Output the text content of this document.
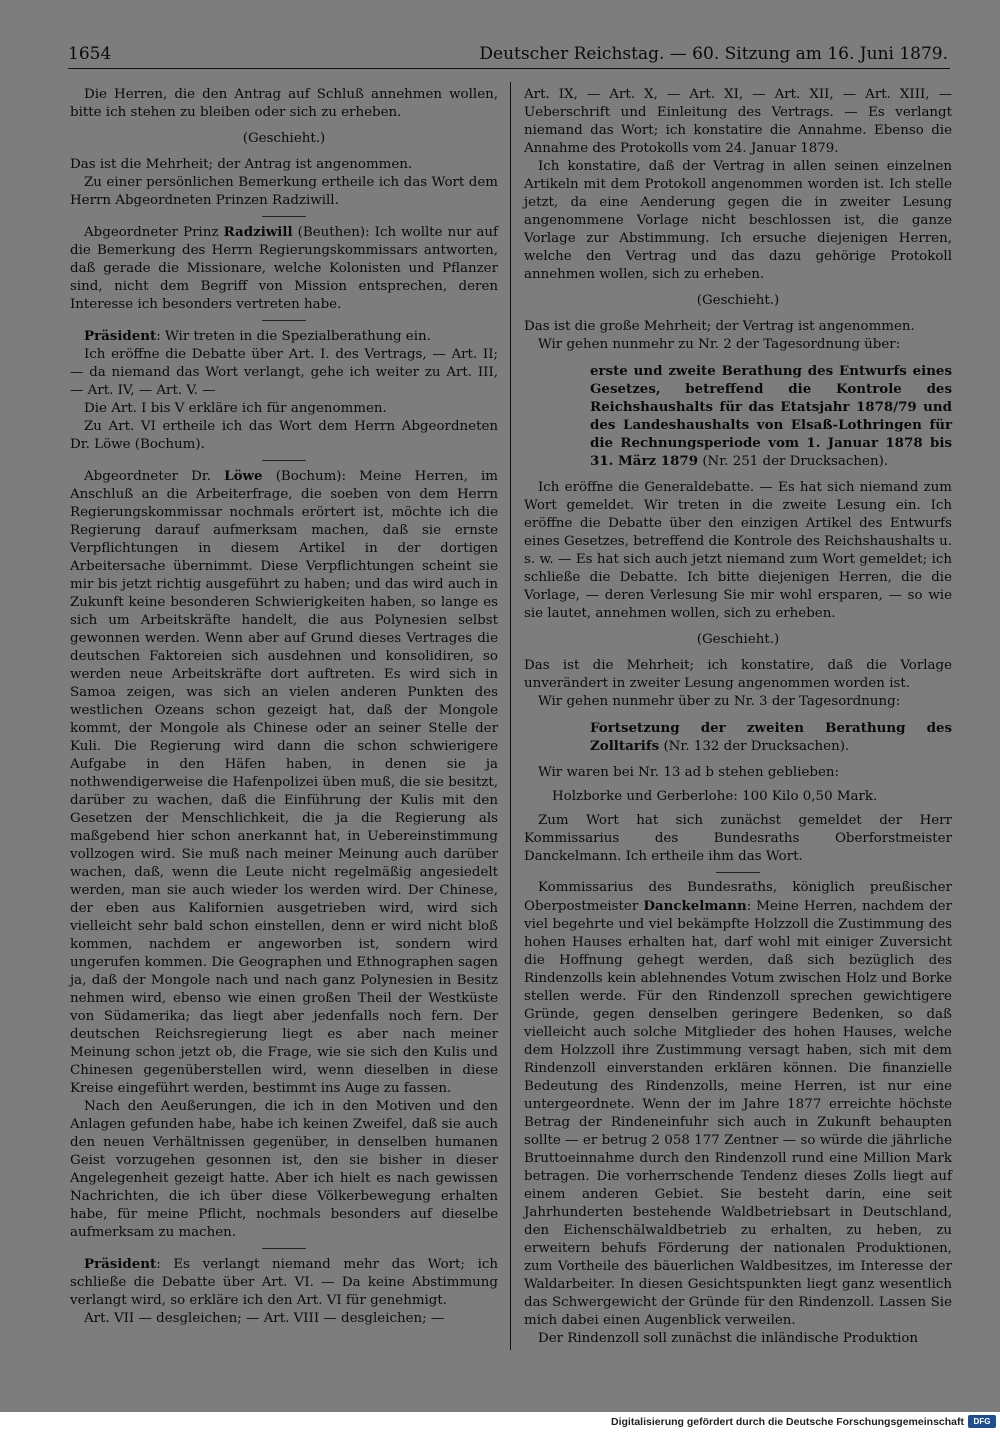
1654	Deutscher Reichstag. — 60. Sitzung am 16. Juni 1879.

Die Herren, die den Antrag auf Schluß annehmen wollen, bitte ich stehen zu bleiben oder sich zu erheben.

(Geschieht.)

Das ist die Mehrheit; der Antrag ist angenommen.

Zu einer persönlichen Bemerkung ertheile ich das Wort dem Herrn Abgeordneten Prinzen Radziwill.

Abgeordneter Prinz Radziwill (Beuthen): Ich wollte nur auf die Bemerkung des Herrn Regierungskommissars antworten, daß gerade die Missionare, welche Kolonisten und Pflanzer sind, nicht dem Begriff von Mission entsprechen, deren Interesse ich besonders vertreten habe.

Präsident: Wir treten in die Spezialberathung ein.

Ich eröffne die Debatte über Art. I. des Vertrags, — Art. II; — da niemand das Wort verlangt, gehe ich weiter zu Art. III, — Art. IV, — Art. V. —

Die Art. I bis V erkläre ich für angenommen.

Zu Art. VI ertheile ich das Wort dem Herrn Abgeordneten Dr. Löwe (Bochum).

Abgeordneter Dr. Löwe (Bochum): Meine Herren, im Anschluß an die Arbeiterfrage, die soeben von dem Herrn Regierungskommissar nochmals erörtert ist, möchte ich die Regierung darauf aufmerksam machen, daß sie ernste Verpflichtungen in diesem Artikel in der dortigen Arbeitersache übernimmt. Diese Verpflichtungen scheint sie mir bis jetzt richtig ausgeführt zu haben; und das wird auch in Zukunft keine besonderen Schwierigkeiten haben, so lange es sich um Arbeitskräfte handelt, die aus Polynesien selbst gewonnen werden. Wenn aber auf Grund dieses Vertrages die deutschen Faktoreien sich ausdehnen und konsolidiren, so werden neue Arbeitskräfte dort auftreten. Es wird sich in Samoa zeigen, was sich an vielen anderen Punkten des westlichen Ozeans schon gezeigt hat, daß der Mongole kommt, der Mongole als Chinese oder an seiner Stelle der Kuli. Die Regierung wird dann die schon schwierigere Aufgabe in den Häfen haben, in denen sie ja nothwendigerweise die Hafenpolizei üben muß, die sie besitzt, darüber zu wachen, daß die Einführung der Kulis mit den Gesetzen der Menschlichkeit, die ja die Regierung als maßgebend hier schon anerkannt hat, in Uebereinstimmung vollzogen wird. Sie muß nach meiner Meinung auch darüber wachen, daß, wenn die Leute nicht regelmäßig angesiedelt werden, man sie auch wieder los werden wird. Der Chinese, der eben aus Kalifornien ausgetrieben wird, wird sich vielleicht sehr bald schon einstellen, denn er wird nicht bloß kommen, nachdem er angeworben ist, sondern wird ungerufen kommen. Die Geographen und Ethnographen sagen ja, daß der Mongole nach und nach ganz Polynesien in Besitz nehmen wird, ebenso wie einen großen Theil der Westküste von Südamerika; das liegt aber jedenfalls noch fern. Der deutschen Reichsregierung liegt es aber nach meiner Meinung schon jetzt ob, die Frage, wie sie sich den Kulis und Chinesen gegenüberstellen wird, wenn dieselben in diese Kreise eingeführt werden, bestimmt ins Auge zu fassen.

Nach den Aeußerungen, die ich in den Motiven und den Anlagen gefunden habe, habe ich keinen Zweifel, daß sie auch den neuen Verhältnissen gegenüber, in denselben humanen Geist vorzugehen gesonnen ist, den sie bisher in dieser Angelegenheit gezeigt hatte. Aber ich hielt es nach gewissen Nachrichten, die ich über diese Völkerbewegung erhalten habe, für meine Pflicht, nochmals besonders auf dieselbe aufmerksam zu machen.

Präsident: Es verlangt niemand mehr das Wort; ich schließe die Debatte über Art. VI. — Da keine Abstimmung verlangt wird, so erkläre ich den Art. VI für genehmigt.

Art. VII — desgleichen; — Art. VIII — desgleichen; —

Art. IX, — Art. X, — Art. XI, — Art. XII, — Art. XIII, — Ueberschrift und Einleitung des Vertrags. — Es verlangt niemand das Wort; ich konstatire die Annahme. Ebenso die Annahme des Protokolls vom 24. Januar 1879.

Ich konstatire, daß der Vertrag in allen seinen einzelnen Artikeln mit dem Protokoll angenommen worden ist. Ich stelle jetzt, da eine Aenderung gegen die in zweiter Lesung angenommene Vorlage nicht beschlossen ist, die ganze Vorlage zur Abstimmung. Ich ersuche diejenigen Herren, welche den Vertrag und das dazu gehörige Protokoll annehmen wollen, sich zu erheben.

(Geschieht.)

Das ist die große Mehrheit; der Vertrag ist angenommen.

Wir gehen nunmehr zu Nr. 2 der Tagesordnung über:

erste und zweite Berathung des Entwurfs eines Gesetzes, betreffend die Kontrole des Reichshaushalts für das Etatsjahr 1878/79 und des Landeshaushalts von Elsaß-Lothringen für die Rechnungsperiode vom 1. Januar 1878 bis 31. März 1879 (Nr. 251 der Drucksachen).

Ich eröffne die Generaldebatte. — Es hat sich niemand zum Wort gemeldet. Wir treten in die zweite Lesung ein. Ich eröffne die Debatte über den einzigen Artikel des Entwurfs eines Gesetzes, betreffend die Kontrole des Reichshaushalts u. s. w. — Es hat sich auch jetzt niemand zum Wort gemeldet; ich schließe die Debatte. Ich bitte diejenigen Herren, die die Vorlage, — deren Verlesung Sie mir wohl ersparen, — so wie sie lautet, annehmen wollen, sich zu erheben.

(Geschieht.)

Das ist die Mehrheit; ich konstatire, daß die Vorlage unverändert in zweiter Lesung angenommen worden ist.

Wir gehen nunmehr über zu Nr. 3 der Tagesordnung:

Fortsetzung der zweiten Berathung des Zolltarifs (Nr. 132 der Drucksachen).

Wir waren bei Nr. 13 ad b stehen geblieben:

Holzborke und Gerberlohe: 100 Kilo 0,50 Mark.

Zum Wort hat sich zunächst gemeldet der Herr Kommissarius des Bundesraths Oberforstmeister Danckelmann. Ich ertheile ihm das Wort.

Kommissarius des Bundesraths, königlich preußischer Oberpostmeister Danckelmann: Meine Herren, nachdem der viel begehrte und viel bekämpfte Holzzoll die Zustimmung des hohen Hauses erhalten hat, darf wohl mit einiger Zuversicht die Hoffnung gehegt werden, daß sich bezüglich des Rindenzolls kein ablehnendes Votum zwischen Holz und Borke stellen werde. Für den Rindenzoll sprechen gewichtigere Gründe, gegen denselben geringere Bedenken, so daß vielleicht auch solche Mitglieder des hohen Hauses, welche dem Holzzoll ihre Zustimmung versagt haben, sich mit dem Rindenzoll einverstanden erklären können. Die finanzielle Bedeutung des Rindenzolls, meine Herren, ist nur eine untergeordnete. Wenn der im Jahre 1877 erreichte höchste Betrag der Rindeneinfuhr sich auch in Zukunft behaupten sollte — er betrug 2 058 177 Zentner — so würde die jährliche Bruttoeinnahme durch den Rindenzoll rund eine Million Mark betragen. Die vorherrschende Tendenz dieses Zolls liegt auf einem anderen Gebiet. Sie besteht darin, eine seit Jahrhunderten bestehende Waldbetriebsart in Deutschland, den Eichenschälwaldbetrieb zu erhalten, zu heben, zu erweitern behufs Förderung der nationalen Produktionen, zum Vortheile des bäuerlichen Waldbesitzes, im Interesse der Waldarbeiter. In diesen Gesichtspunkten liegt ganz wesentlich das Schwergewicht der Gründe für den Rindenzoll. Lassen Sie mich dabei einen Augenblick verweilen.

Der Rindenzoll soll zunächst die inländische Produktion

Digitalisierung gefördert durch die Deutsche Forschungsgemeinschaft	DFG
